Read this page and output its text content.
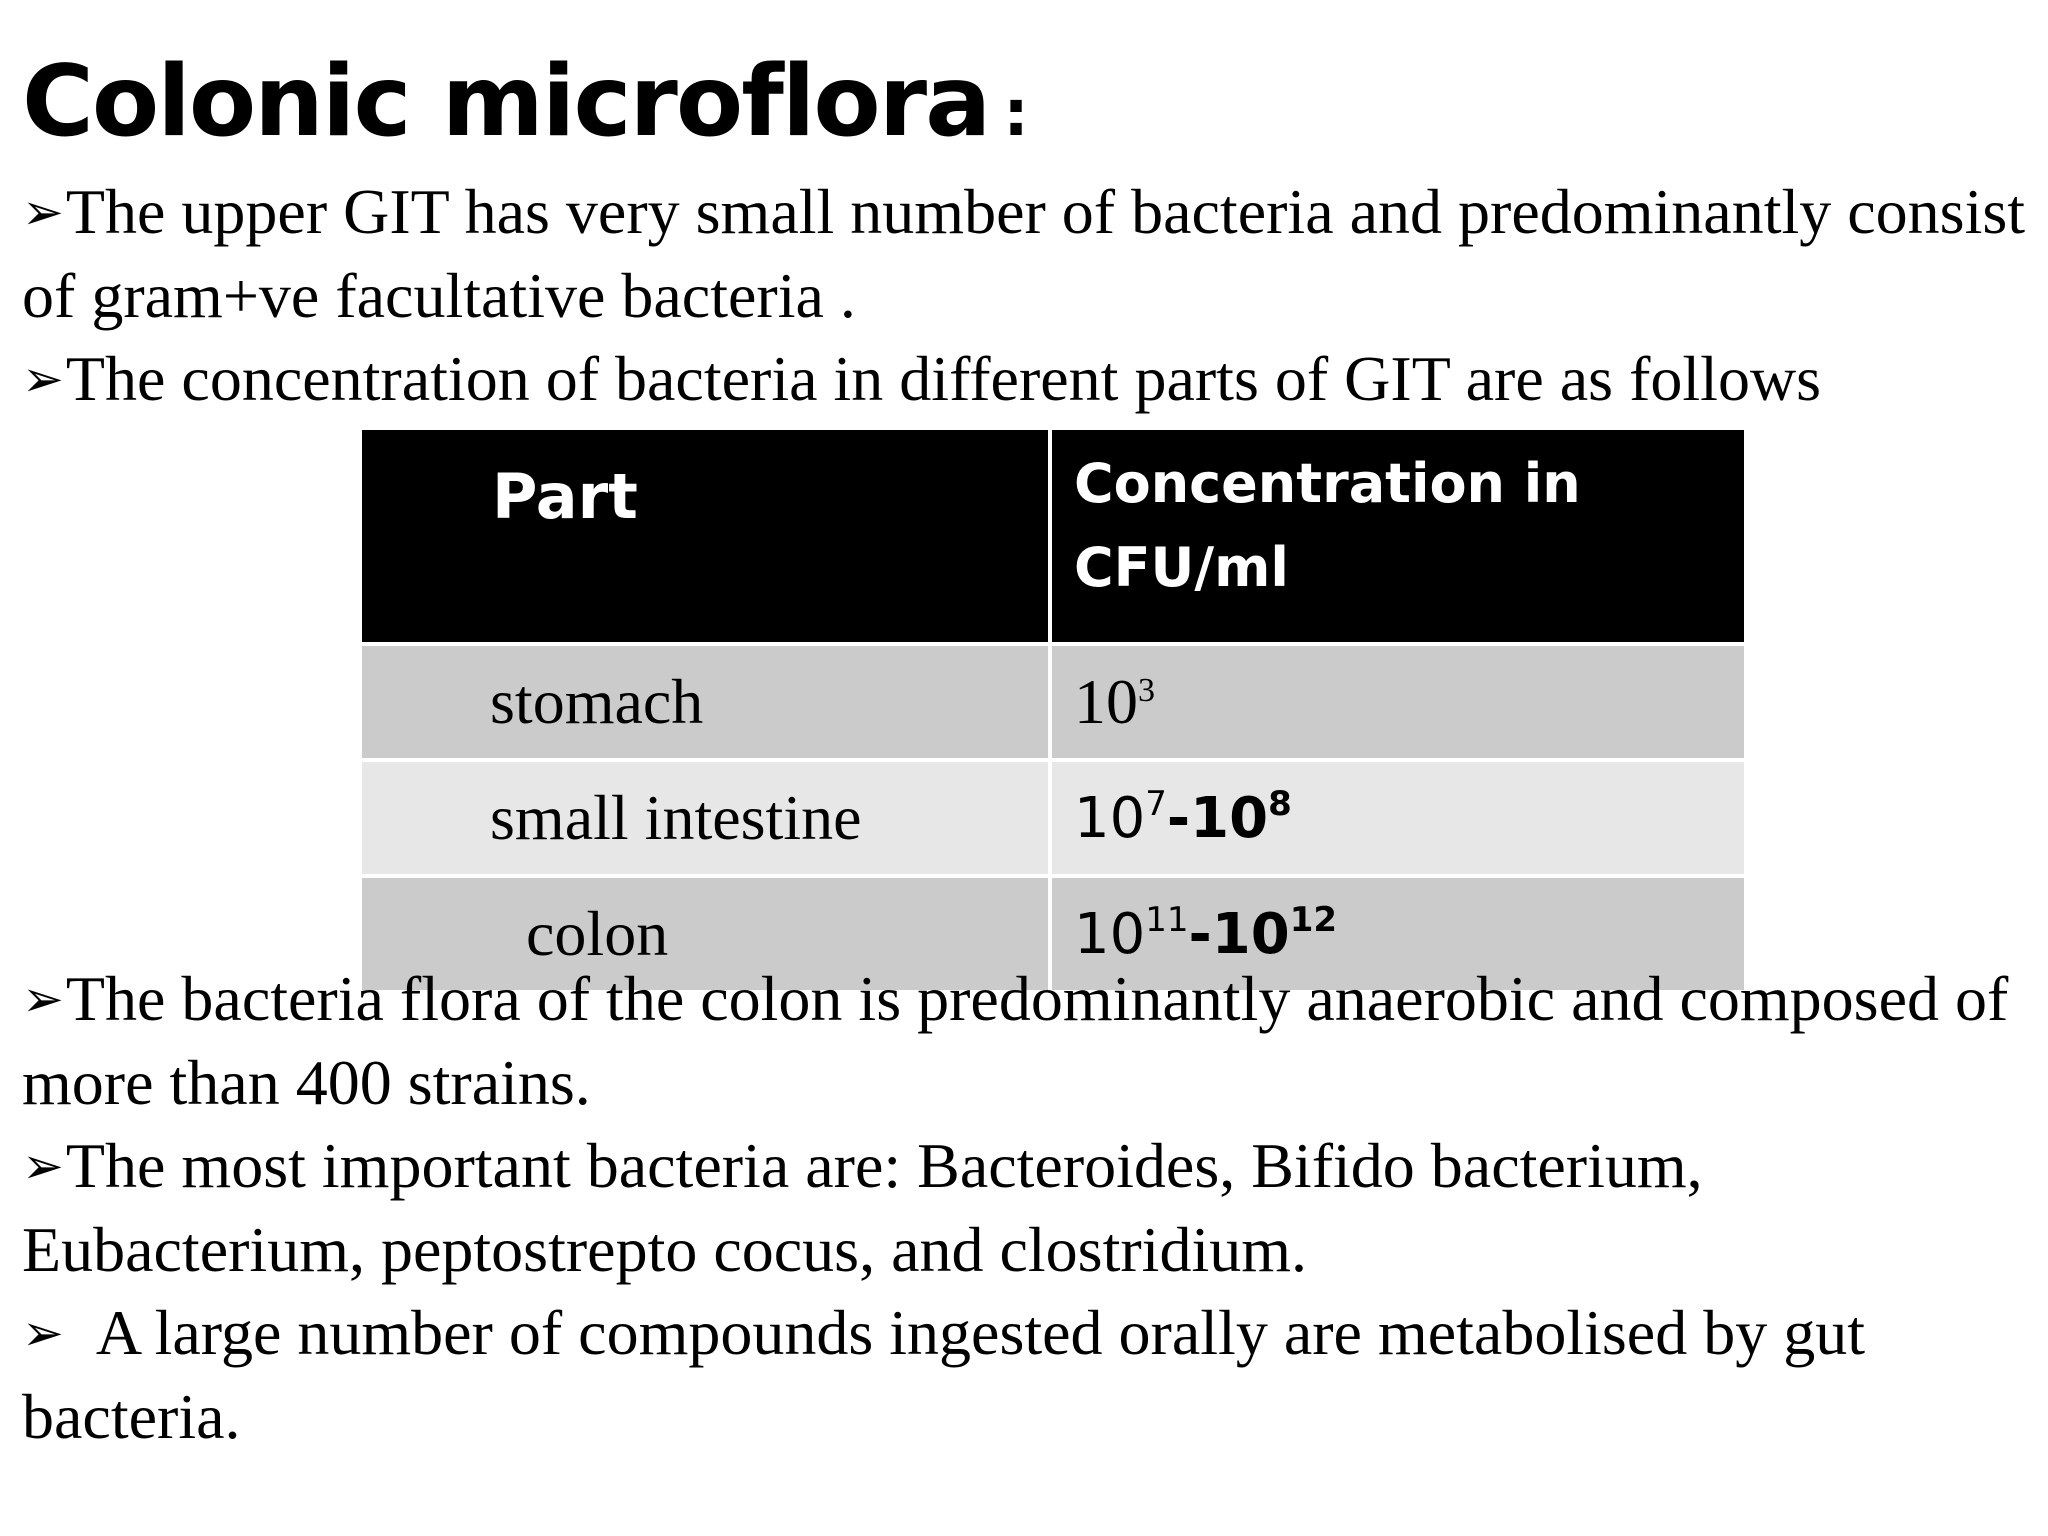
Colonic microflora :
➢The upper GIT has very small number of bacteria and predominantly consist of gram+ve facultative bacteria .
➢The concentration of bacteria in different parts of GIT are as follows
Part	Concentration in CFU/ml
stomach	$10^3$
small intestine	$10^7-10^8$
colon	$10^{11}-10^{12}$
➢The bacteria flora of the colon is predominantly anaerobic and composed of more than 400 strains.
➢The most important bacteria are: Bacteroides, Bifido bacterium, Eubacterium, peptostrepto cocus, and clostridium.
➢ A large number of compounds ingested orally are metabolised by gut bacteria.
